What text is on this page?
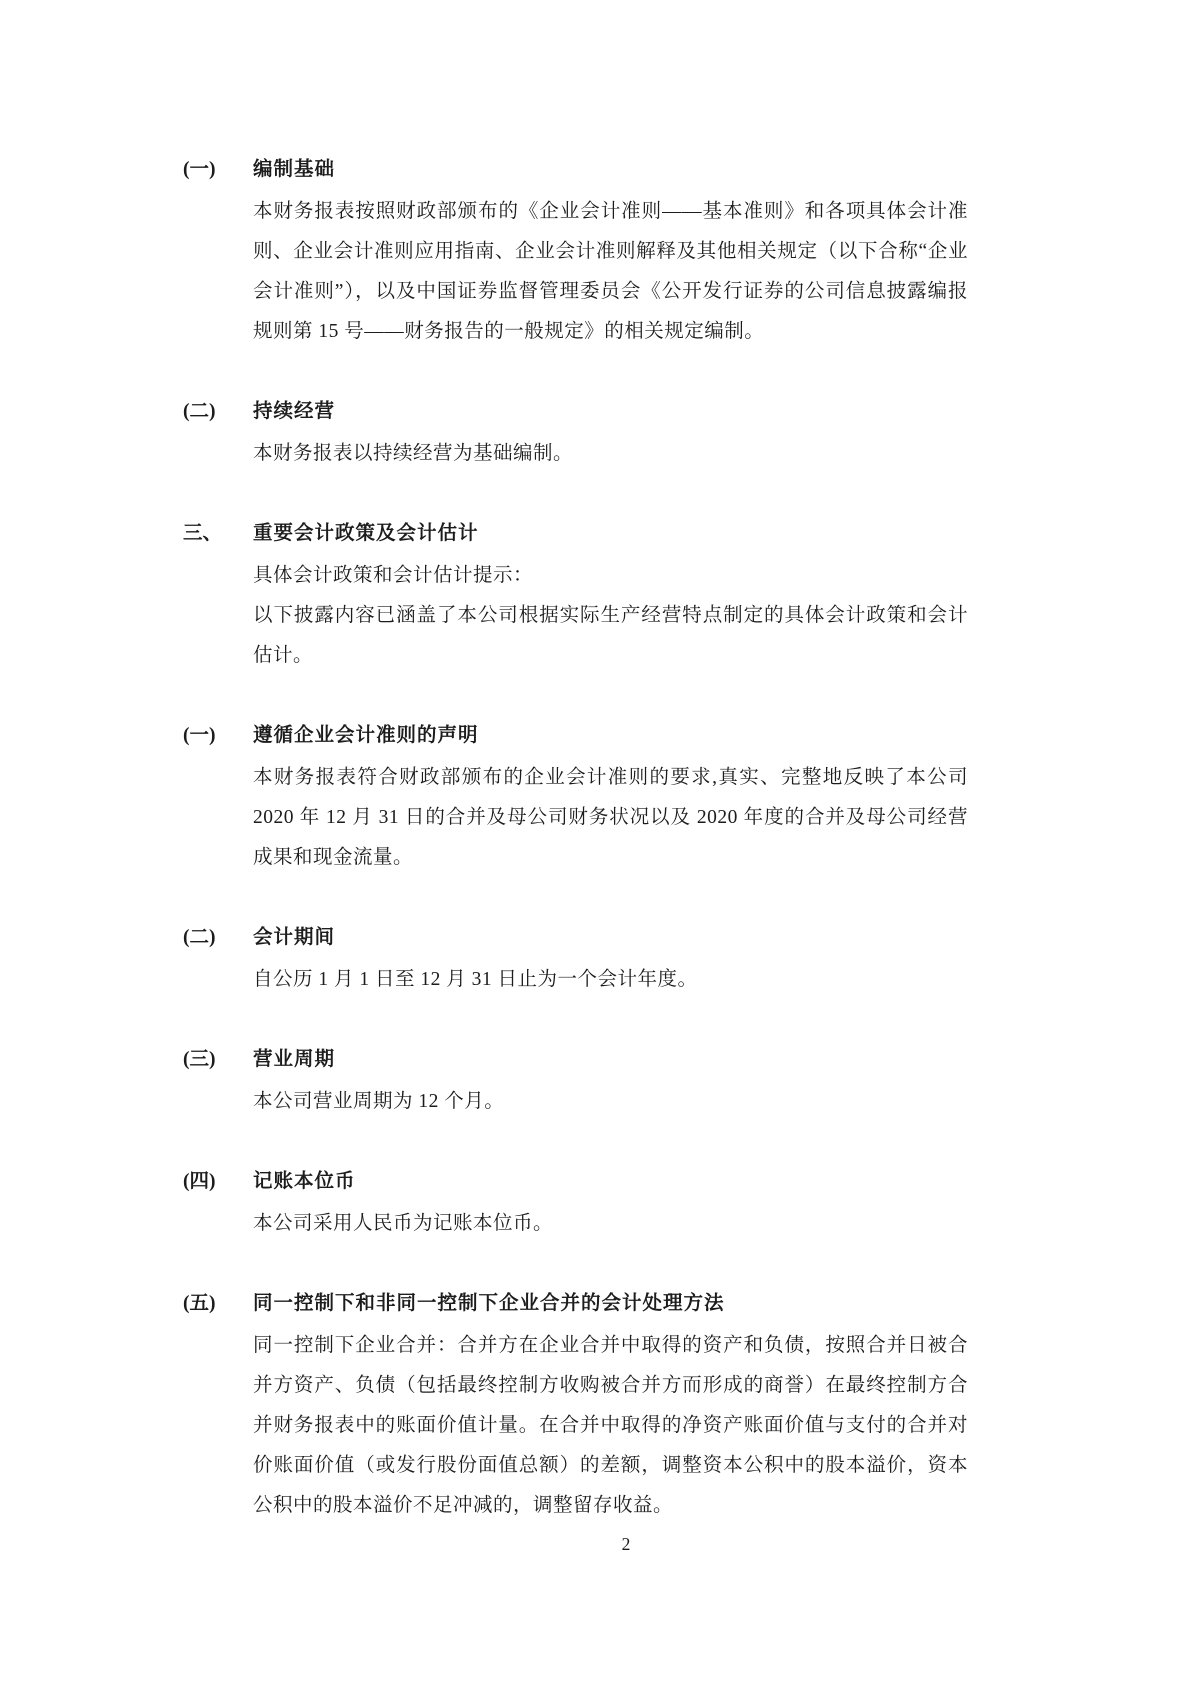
(一)	编制基础

本财务报表按照财政部颁布的《企业会计准则——基本准则》和各项具体会计准则、企业会计准则应用指南、企业会计准则解释及其他相关规定（以下合称“企业会计准则”），以及中国证券监督管理委员会《公开发行证券的公司信息披露编报规则第 15 号——财务报告的一般规定》的相关规定编制。

(二)	持续经营

本财务报表以持续经营为基础编制。

三、	重要会计政策及会计估计

具体会计政策和会计估计提示：

以下披露内容已涵盖了本公司根据实际生产经营特点制定的具体会计政策和会计估计。

(一)	遵循企业会计准则的声明

本财务报表符合财政部颁布的企业会计准则的要求,真实、完整地反映了本公司 2020 年 12 月 31 日的合并及母公司财务状况以及 2020 年度的合并及母公司经营成果和现金流量。

(二)	会计期间

自公历 1 月 1 日至 12 月 31 日止为一个会计年度。

(三)	营业周期

本公司营业周期为 12 个月。

(四)	记账本位币

本公司采用人民币为记账本位币。

(五)	同一控制下和非同一控制下企业合并的会计处理方法

同一控制下企业合并：合并方在企业合并中取得的资产和负债，按照合并日被合并方资产、负债（包括最终控制方收购被合并方而形成的商誉）在最终控制方合并财务报表中的账面价值计量。在合并中取得的净资产账面价值与支付的合并对价账面价值（或发行股份面值总额）的差额，调整资本公积中的股本溢价，资本公积中的股本溢价不足冲减的，调整留存收益。

2
